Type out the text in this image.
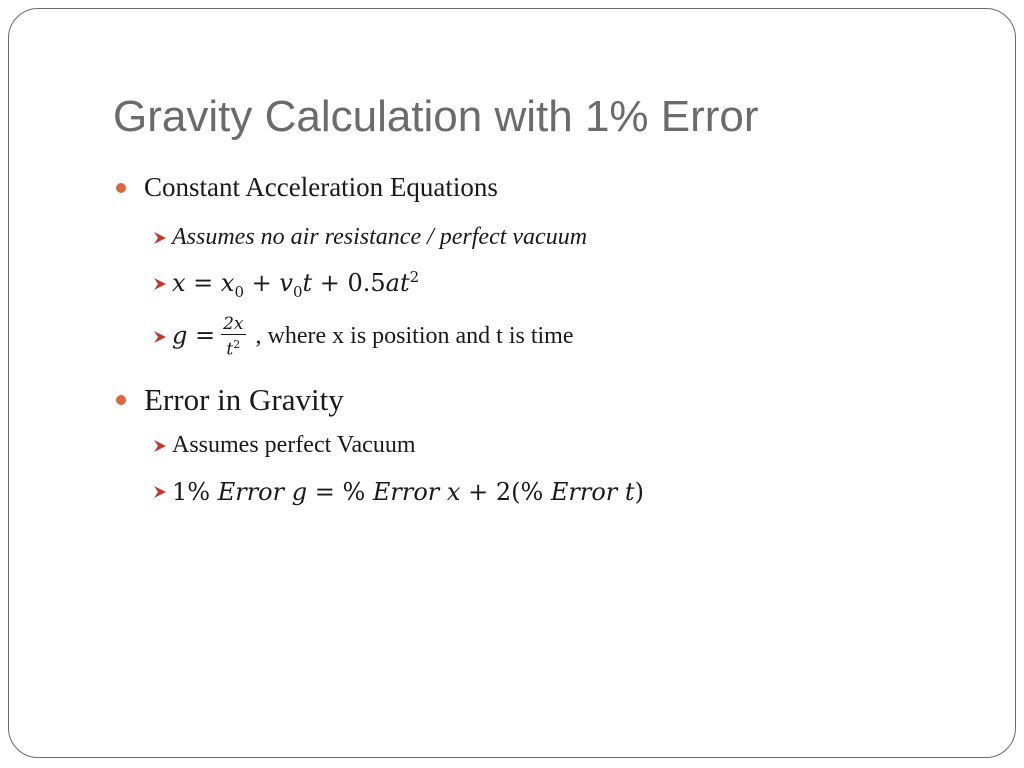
Gravity Calculation with 1% Error
Constant Acceleration Equations
Assumes no air resistance / perfect vacuum
$x = x_0 + v_0t + 0.5at^2$
$g = \frac{2x}{t^2}$ , where x is position and t is time
Error in Gravity
Assumes perfect Vacuum
1% Error g = % Error x + 2(% Error t)
